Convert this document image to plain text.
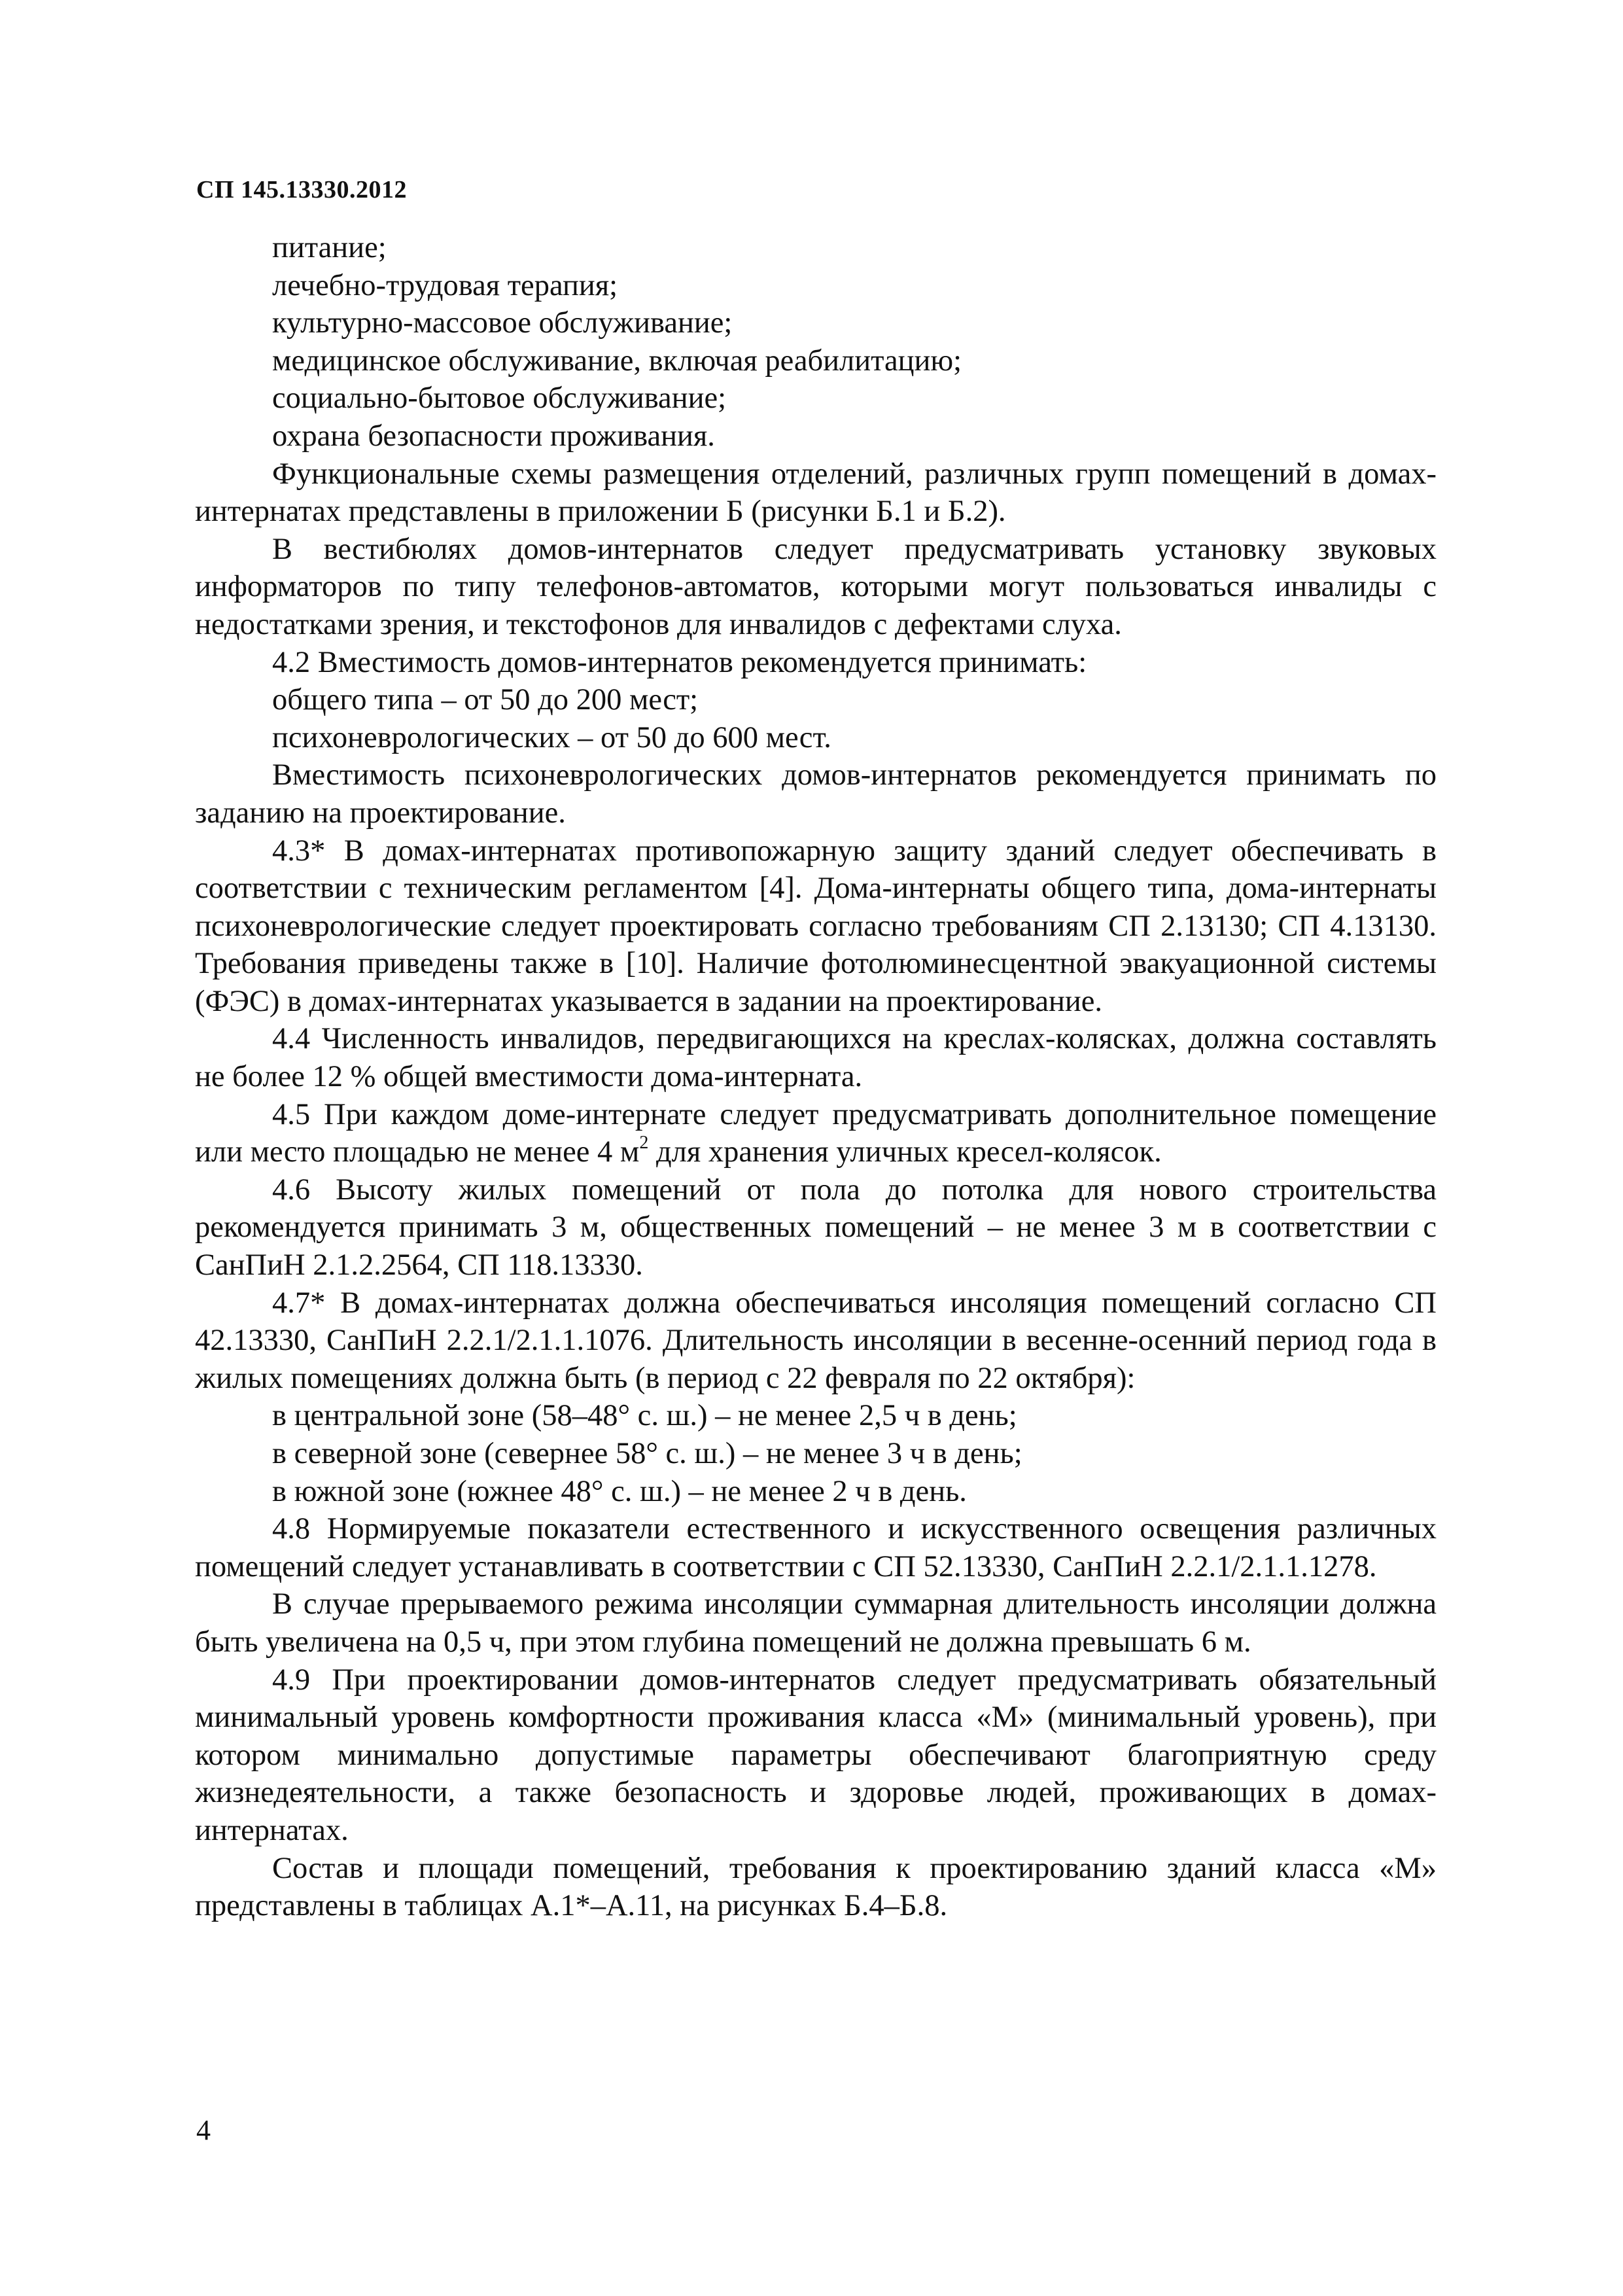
СП 145.13330.2012

питание;

лечебно-трудовая терапия;

культурно-массовое обслуживание;

медицинское обслуживание, включая реабилитацию;

социально-бытовое обслуживание;

охрана безопасности проживания.

Функциональные схемы размещения отделений, различных групп помещений в домах-интернатах представлены в приложении Б (рисунки Б.1 и Б.2).

В вестибюлях домов-интернатов следует предусматривать установку звуковых информаторов по типу телефонов-автоматов, которыми могут пользоваться инвалиды с недостатками зрения, и текстофонов для инвалидов с дефектами слуха.

4.2 Вместимость домов-интернатов рекомендуется принимать:

общего типа – от 50 до 200 мест;

психоневрологических – от 50 до 600 мест.

Вместимость психоневрологических домов-интернатов рекомендуется принимать по заданию на проектирование.

4.3* В домах-интернатах противопожарную защиту зданий следует обеспечивать в соответствии с техническим регламентом [4]. Дома-интернаты общего типа, дома-интернаты психоневрологические следует проектировать согласно требованиям СП 2.13130; СП 4.13130. Требования приведены также в [10]. Наличие фотолюминесцентной эвакуационной системы (ФЭС) в домах-интернатах указывается в задании на проектирование.

4.4 Численность инвалидов, передвигающихся на креслах-колясках, должна составлять не более 12 % общей вместимости дома-интерната.

4.5 При каждом доме-интернате следует предусматривать дополнительное помещение или место площадью не менее 4 $м^2$ для хранения уличных кресел-колясок.

4.6 Высоту жилых помещений от пола до потолка для нового строительства рекомендуется принимать 3 м, общественных помещений – не менее 3 м в соответствии с СанПиН 2.1.2.2564, СП 118.13330.

4.7* В домах-интернатах должна обеспечиваться инсоляция помещений согласно СП 42.13330, СанПиН 2.2.1/2.1.1.1076. Длительность инсоляции в весенне-осенний период года в жилых помещениях должна быть (в период с 22 февраля по 22 октября):

в центральной зоне (58–48° с. ш.) – не менее 2,5 ч в день;

в северной зоне (севернее 58° с. ш.) – не менее 3 ч в день;

в южной зоне (южнее 48° с. ш.) – не менее 2 ч в день.

4.8 Нормируемые показатели естественного и искусственного освещения различных помещений следует устанавливать в соответствии с СП 52.13330, СанПиН 2.2.1/2.1.1.1278.

В случае прерываемого режима инсоляции суммарная длительность инсоляции должна быть увеличена на 0,5 ч, при этом глубина помещений не должна превышать 6 м.

4.9 При проектировании домов-интернатов следует предусматривать обязательный минимальный уровень комфортности проживания класса «М» (минимальный уровень), при котором минимально допустимые параметры обеспечивают благоприятную среду жизнедеятельности, а также безопасность и здоровье людей, проживающих в домах-интернатах.

Состав и площади помещений, требования к проектированию зданий класса «М» представлены в таблицах А.1*–А.11, на рисунках Б.4–Б.8.

4
